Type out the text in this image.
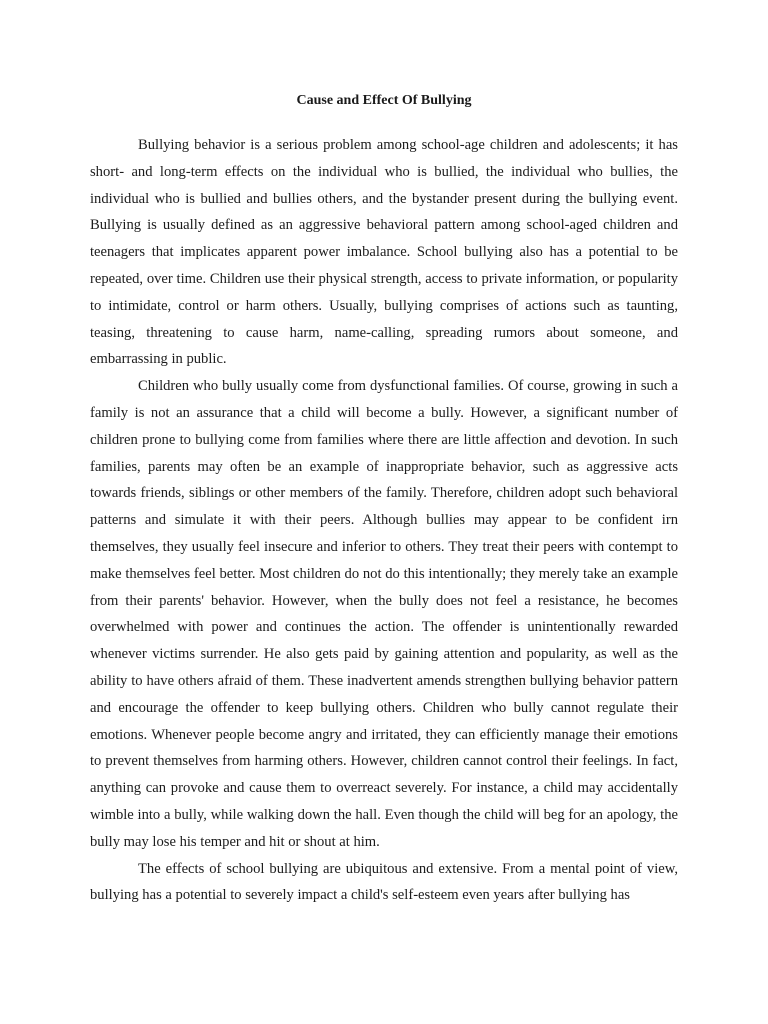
Cause and Effect Of Bullying

Bullying behavior is a serious problem among school-age children and adolescents; it has short- and long-term effects on the individual who is bullied, the individual who bullies, the individual who is bullied and bullies others, and the bystander present during the bullying event. Bullying is usually defined as an aggressive behavioral pattern among school-aged children and teenagers that implicates apparent power imbalance. School bullying also has a potential to be repeated, over time. Children use their physical strength, access to private information, or popularity to intimidate, control or harm others. Usually, bullying comprises of actions such as taunting, teasing, threatening to cause harm, name-calling, spreading rumors about someone, and embarrassing in public.

Children who bully usually come from dysfunctional families. Of course, growing in such a family is not an assurance that a child will become a bully. However, a significant number of children prone to bullying come from families where there are little affection and devotion. In such families, parents may often be an example of inappropriate behavior, such as aggressive acts towards friends, siblings or other members of the family. Therefore, children adopt such behavioral patterns and simulate it with their peers. Although bullies may appear to be confident irn themselves, they usually feel insecure and inferior to others. They treat their peers with contempt to make themselves feel better. Most children do not do this intentionally; they merely take an example from their parents' behavior. However, when the bully does not feel a resistance, he becomes overwhelmed with power and continues the action. The offender is unintentionally rewarded whenever victims surrender. He also gets paid by gaining attention and popularity, as well as the ability to have others afraid of them. These inadvertent amends strengthen bullying behavior pattern and encourage the offender to keep bullying others. Children who bully cannot regulate their emotions. Whenever people become angry and irritated, they can efficiently manage their emotions to prevent themselves from harming others. However, children cannot control their feelings. In fact, anything can provoke and cause them to overreact severely. For instance, a child may accidentally wimble into a bully, while walking down the hall. Even though the child will beg for an apology, the bully may lose his temper and hit or shout at him.

The effects of school bullying are ubiquitous and extensive. From a mental point of view, bullying has a potential to severely impact a child's self-esteem even years after bullying has
